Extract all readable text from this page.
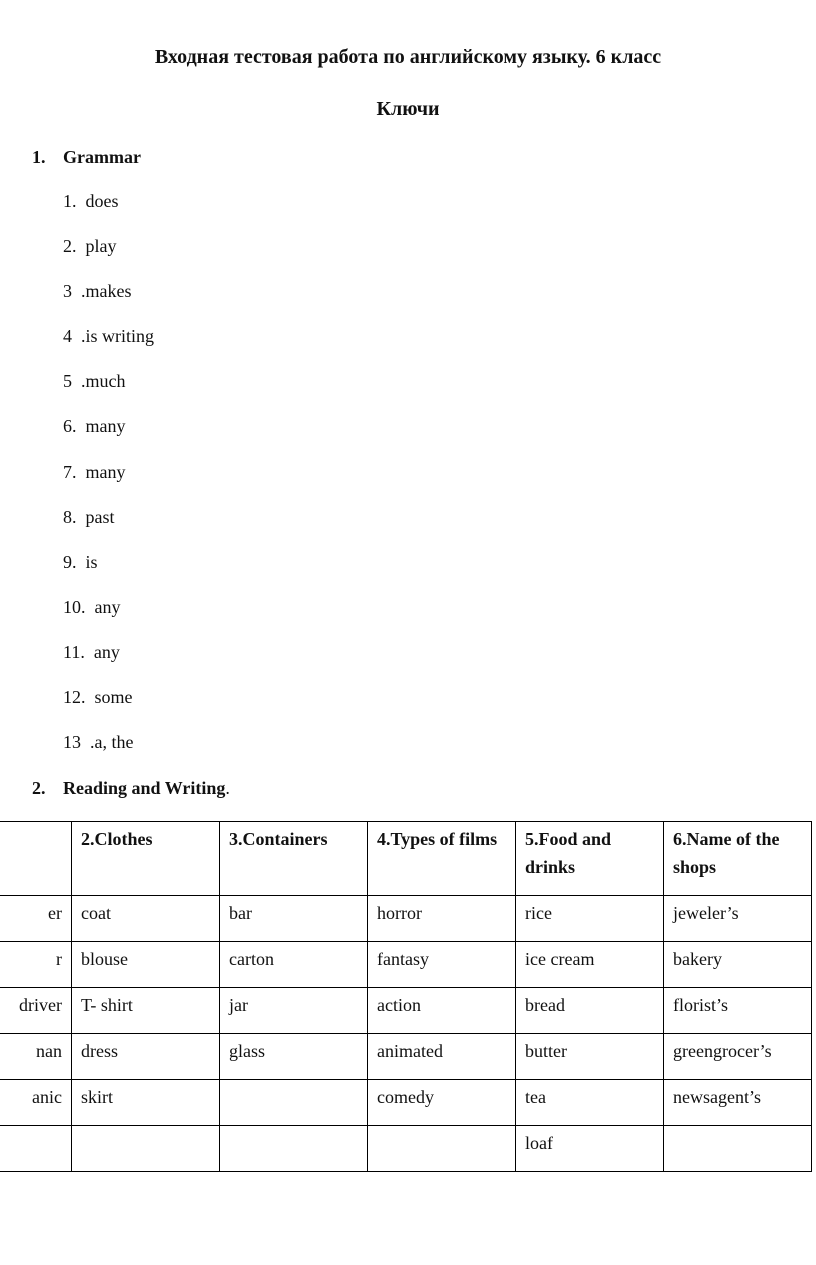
Входная тестовая работа по английскому языку. 6 класс
Ключи
1. Grammar
1.  does
2.  play
3  .makes
4  .is writing
5  .much
6.  many
7.  many
8.  past
9.  is
10.  any
11.  any
12.  some
13  .a, the
2. Reading and Writing.
	2.Clothes	3.Containers	4.Types of films	5.Food and drinks	6.Name of the shops
er	coat	bar	horror	rice	jeweler’s
r	blouse	carton	fantasy	ice cream	bakery
driver	T- shirt	jar	action	bread	florist’s
nan	dress	glass	animated	butter	greengrocer’s
anic	skirt		comedy	tea	newsagent’s
				loaf	
